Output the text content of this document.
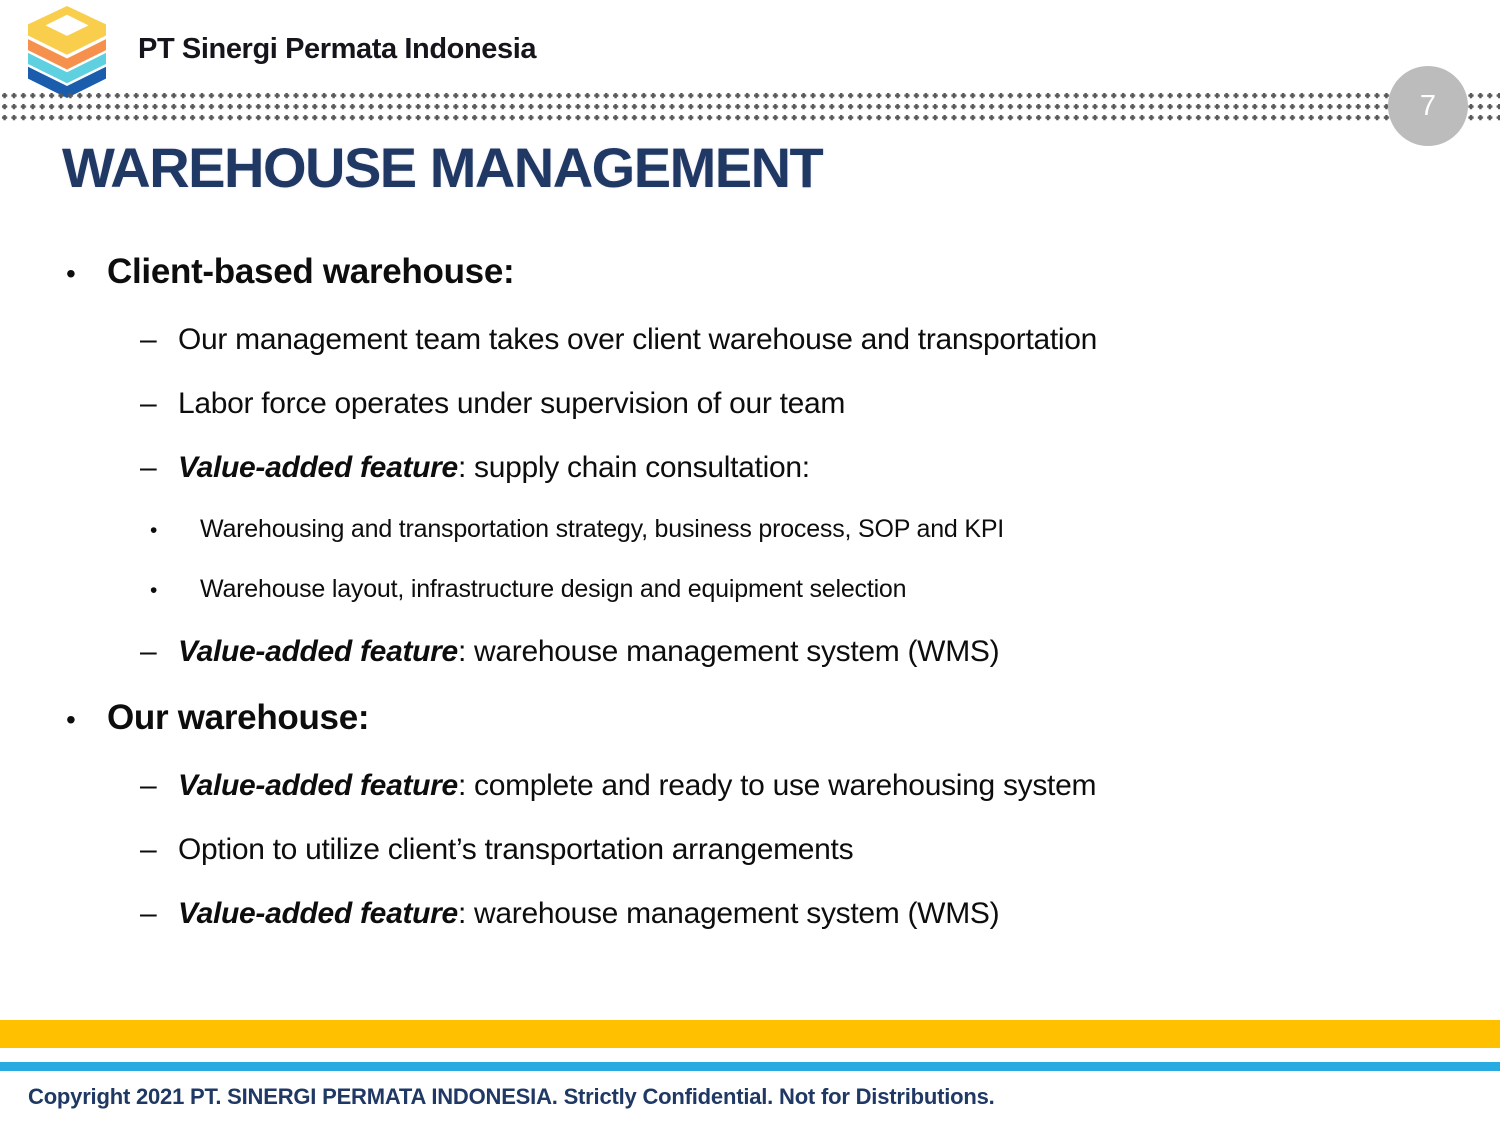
PT Sinergi Permata Indonesia
7
WAREHOUSE MANAGEMENT
• Client-based warehouse:
– Our management team takes over client warehouse and transportation
– Labor force operates under supervision of our team
– Value-added feature: supply chain consultation:
•	Warehousing and transportation strategy, business process, SOP and KPI
•	Warehouse layout, infrastructure design and equipment selection
– Value-added feature: warehouse management system (WMS)
• Our warehouse:
– Value-added feature: complete and ready to use warehousing system
– Option to utilize client’s transportation arrangements
– Value-added feature: warehouse management system (WMS)
Copyright 2021 PT. SINERGI PERMATA INDONESIA. Strictly Confidential. Not for Distributions.
